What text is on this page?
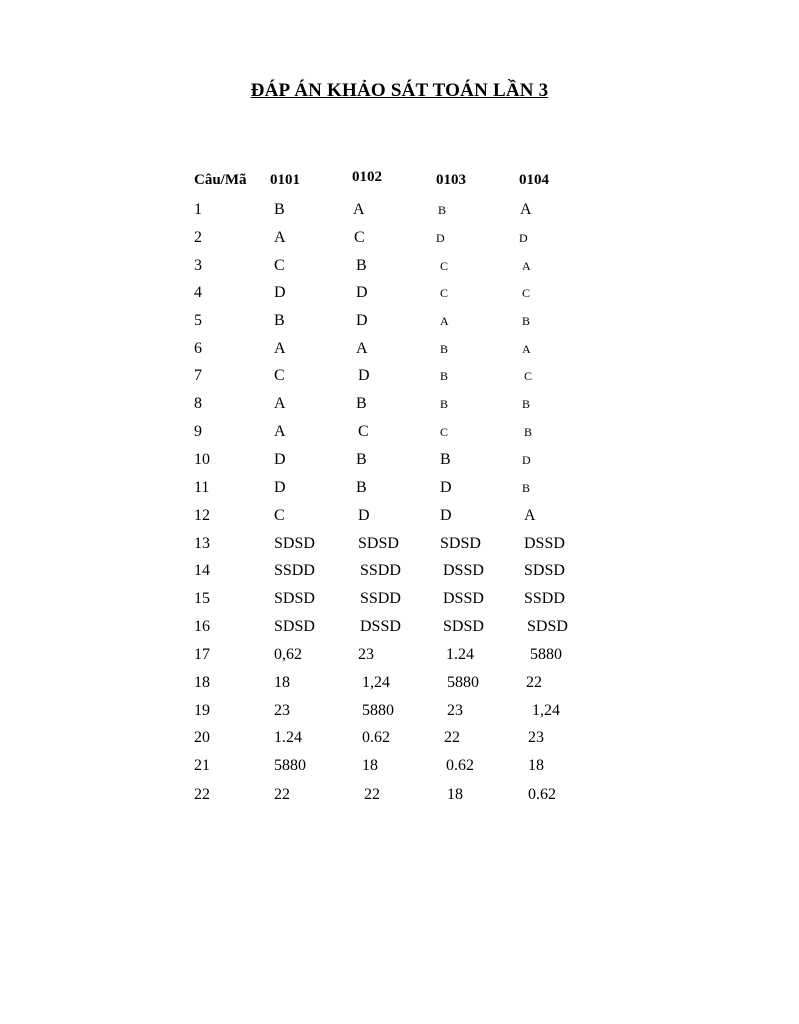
ĐÁP ÁN KHẢO SÁT TOÁN LẦN 3
Câu/Mã 0101	0102	0103	0104
1	B	A	B	A
2	A	C	D	D
3	C	B	C	A
4	D	D	C	C
5	B	D	A	B
6	A	A	B	A
7	C	D	B	C
8	A	B	B	B
9	A	C	C	B
10	D	B	B	D
11	D	B	D	B
12	C	D	D	A
13	SDSD	SDSD	SDSD	DSSD
14	SSDD	SSDD	DSSD	SDSD
15	SDSD	SSDD	DSSD	SSDD
16	SDSD	DSSD	SDSD	SDSD
17	0,62	23	1.24	5880
18	18	1,24	5880	22
19	23	5880	23	1,24
20	1.24	0.62	22	23
21	5880	18	0.62	18
22	22	22	18	0.62
